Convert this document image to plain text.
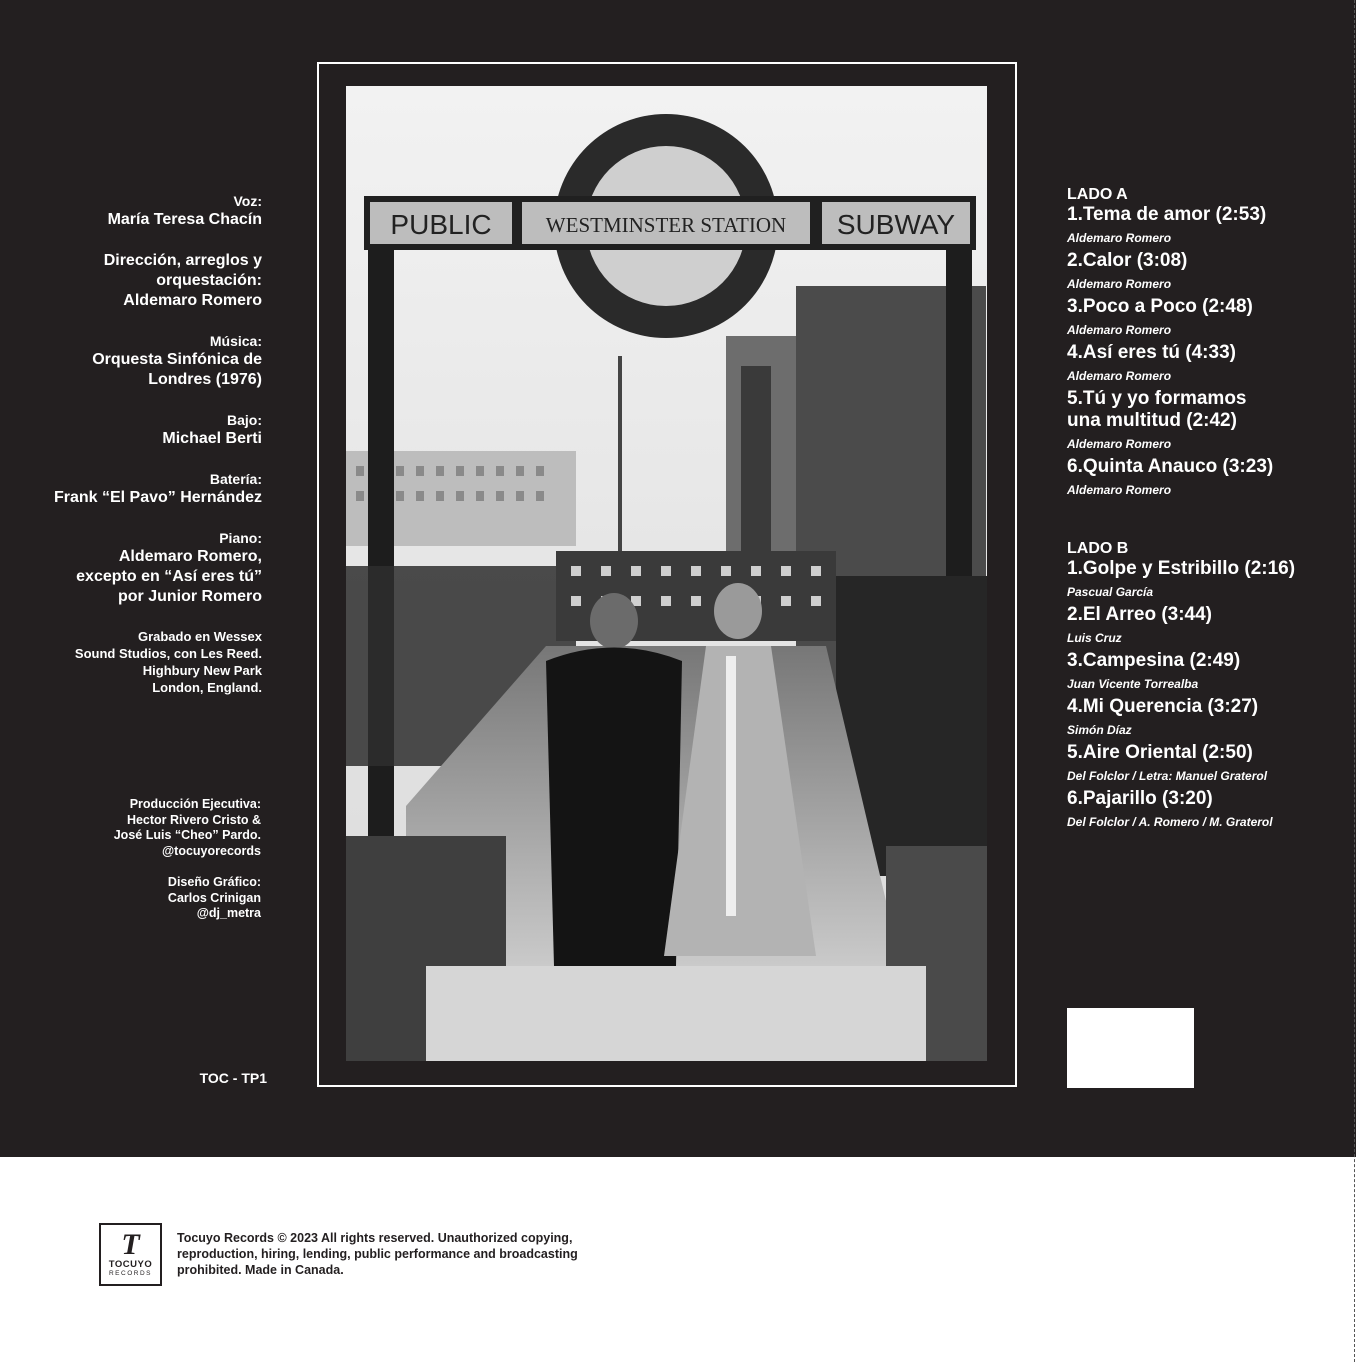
Voz:
María Teresa Chacín
Dirección, arreglos y
orquestación:
Aldemaro Romero
Música:
Orquesta Sinfónica de
Londres (1976)
Bajo:
Michael Berti
Batería:
Frank “El Pavo” Hernández
Piano:
Aldemaro Romero,
excepto en “Así eres tú”
por Junior Romero
Grabado en Wessex
Sound Studios, con Les Reed.
Highbury New Park
London, England.
Producción Ejecutiva:
Hector Rivero Cristo &
José Luis “Cheo” Pardo.
@tocuyorecords
Diseño Gráfico:
Carlos Crinigan
@dj_metra
TOC - TP1
PUBLIC	WESTMINSTER STATION SUBWAY
LADO A
1.Tema de amor (2:53)
Aldemaro Romero
2.Calor (3:08)
Aldemaro Romero
3.Poco a Poco (2:48)
Aldemaro Romero
4.Así eres tú (4:33)
Aldemaro Romero
5.Tú y yo formamos una multitud (2:42)
Aldemaro Romero
6.Quinta Anauco (3:23)
Aldemaro Romero
LADO B
1.Golpe y Estribillo (2:16)
Pascual García
2.El Arreo (3:44)
Luis Cruz
3.Campesina (2:49)
Juan Vicente Torrealba
4.Mi Querencia (3:27)
Simón Díaz
5.Aire Oriental (2:50)
Del Folclor / Letra: Manuel Graterol
6.Pajarillo (3:20)
Del Folclor / A. Romero / M. Graterol
T
TOCUYO
RECORDS
Tocuyo Records © 2023 All rights reserved. Unauthorized copying, reproduction, hiring, lending, public performance and broadcasting prohibited. Made in Canada.
